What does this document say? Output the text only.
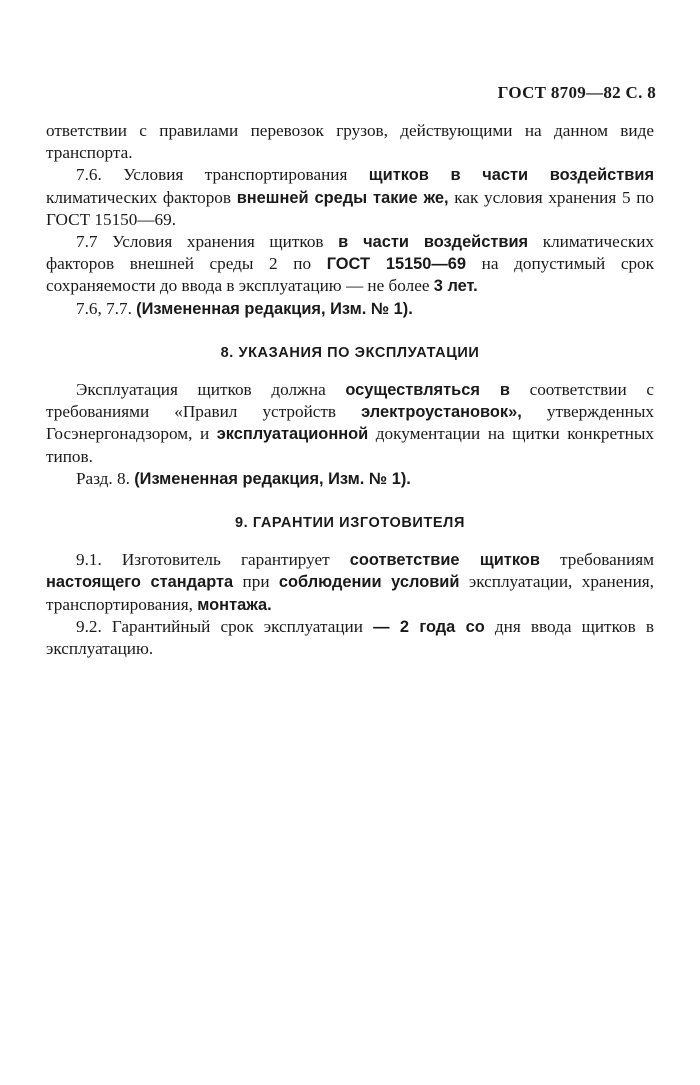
ГОСТ 8709—82 С. 8

ответствии с правилами перевозок грузов, действующими на данном виде транспорта.

7.6. Условия транспортирования щитков в части воздействия климатических факторов внешней среды такие же, как условия хранения 5 по ГОСТ 15150—69.

7.7 Условия хранения щитков в части воздействия климатических факторов внешней среды 2 по ГОСТ 15150—69 на допустимый срок сохраняемости до ввода в эксплуатацию — не более 3 лет.

7.6, 7.7. (Измененная редакция, Изм. № 1).

8. УКАЗАНИЯ ПО ЭКСПЛУАТАЦИИ

Эксплуатация щитков должна осуществляться в соответствии с требованиями «Правил устройств электроустановок», утвержденных Госэнергонадзором, и эксплуатационной документации на щитки конкретных типов.

Разд. 8. (Измененная редакция, Изм. № 1).

9. ГАРАНТИИ ИЗГОТОВИТЕЛЯ

9.1. Изготовитель гарантирует соответствие щитков требованиям настоящего стандарта при соблюдении условий эксплуатации, хранения, транспортирования, монтажа.

9.2. Гарантийный срок эксплуатации — 2 года со дня ввода щитков в эксплуатацию.
